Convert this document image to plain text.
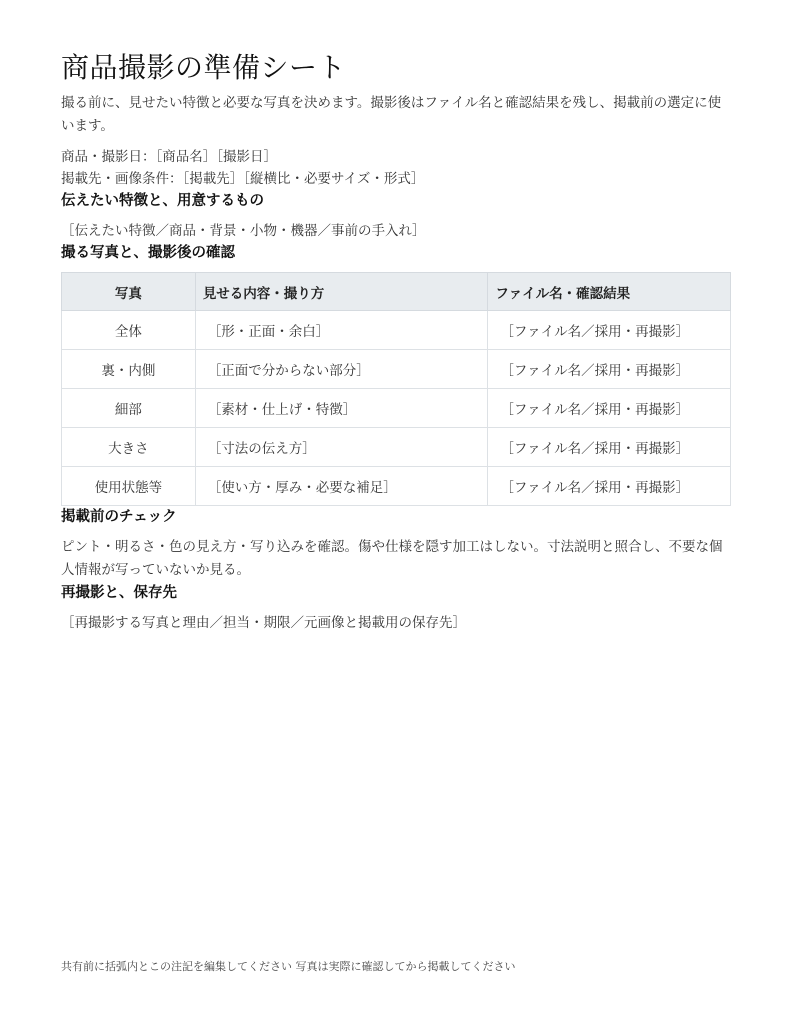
商品撮影の準備シート

撮る前に、見せたい特徴と必要な写真を決めます。撮影後はファイル名と確認結果を残し、掲載前の選定に使います。

商品・撮影日：［商品名］［撮影日］
掲載先・画像条件：［掲載先］［縦横比・必要サイズ・形式］
伝えたい特徴と、用意するもの

［伝えたい特徴／商品・背景・小物・機器／事前の手入れ］

撮る写真と、撮影後の確認
写真	見せる内容・撮り方	ファイル名・確認結果
全体	［形・正面・余白］	［ファイル名／採用・再撮影］
裏・内側	［正面で分からない部分］	［ファイル名／採用・再撮影］
細部	［素材・仕上げ・特徴］	［ファイル名／採用・再撮影］
大きさ	［寸法の伝え方］	［ファイル名／採用・再撮影］
使用状態等	［使い方・厚み・必要な補足］	［ファイル名／採用・再撮影］
掲載前のチェック

ピント・明るさ・色の見え方・写り込みを確認。傷や仕様を隠す加工はしない。寸法説明と照合し、不要な個人情報が写っていないか見る。

再撮影と、保存先

［再撮影する写真と理由／担当・期限／元画像と掲載用の保存先］

共有前に括弧内とこの注記を編集してください 写真は実際に確認してから掲載してください
